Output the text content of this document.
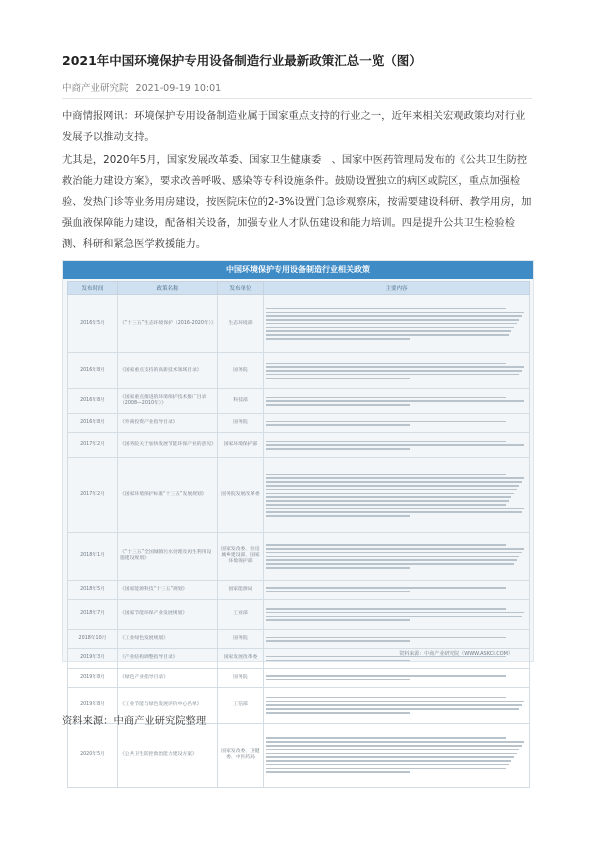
2021年中国环境保护专用设备制造行业最新政策汇总一览（图）
中商产业研究院 2021-09-19 10:01

中商情报网讯：环境保护专用设备制造业属于国家重点支持的行业之一，近年来相关宏观政策均对行业发展予以推动支持。

尤其是，2020年5月，国家发展改革委、国家卫生健康委　、国家中医药管理局发布的《公共卫生防控救治能力建设方案》，要求改善呼吸、感染等专科设施条件。鼓励设置独立的病区或院区，重点加强检验、发热门诊等业务用房建设，按医院床位的2-3%设置门急诊观察床，按需要建设科研、教学用房，加强血液保障能力建设，配备相关设备，加强专业人才队伍建设和能力培训。四是提升公共卫生检验检测、科研和紧急医学救援能力。

中国环境保护专用设备制造行业相关政策
发布时间	政策名称	发布单位	主要内容
2016年5月	《“十三五”生态环境保护（2016-2020年）》	生态环境部	

2016年8月	《国家重点支持的高新技术领域目录》	国务院	

2016年8月	《国家重点推进的环境保护技术推广目录（2008—2010年）》	科技部	

2016年8月	《外商投资产业指导目录》	国务院	

2017年2月	《国务院关于加快发展节能环保产业的意见》	国家环境保护部	

2017年2月	《国家环境保护标准“十三五”发展规划》	国务院发展改革委	

2018年1月	《“十三五”全国城镇污水处理及再生利用设施建设规划》	国家发改委、住房城乡建设部、国家环境保护部	

2018年5月	《国家能源科技“十三五”规划》	国家能源局	

2018年7月	《国家节能环保产业发展规划》	工业部	

2018年10月	《工业绿色发展规划》	国务院	

2019年3月	《产业结构调整指导目录》	国家发展改革委	

2019年8月	《绿色产业指导目录》	国务院	

2019年8月	《工业节能与绿色发展评价中心名单》	工信部	

2020年5月	《公共卫生防控救治能力建设方案》	国家发改委、卫健委、中医药局	
资料来源：中商产业研究院（WWW.ASKCI.COM）
资料来源：中商产业研究院整理
